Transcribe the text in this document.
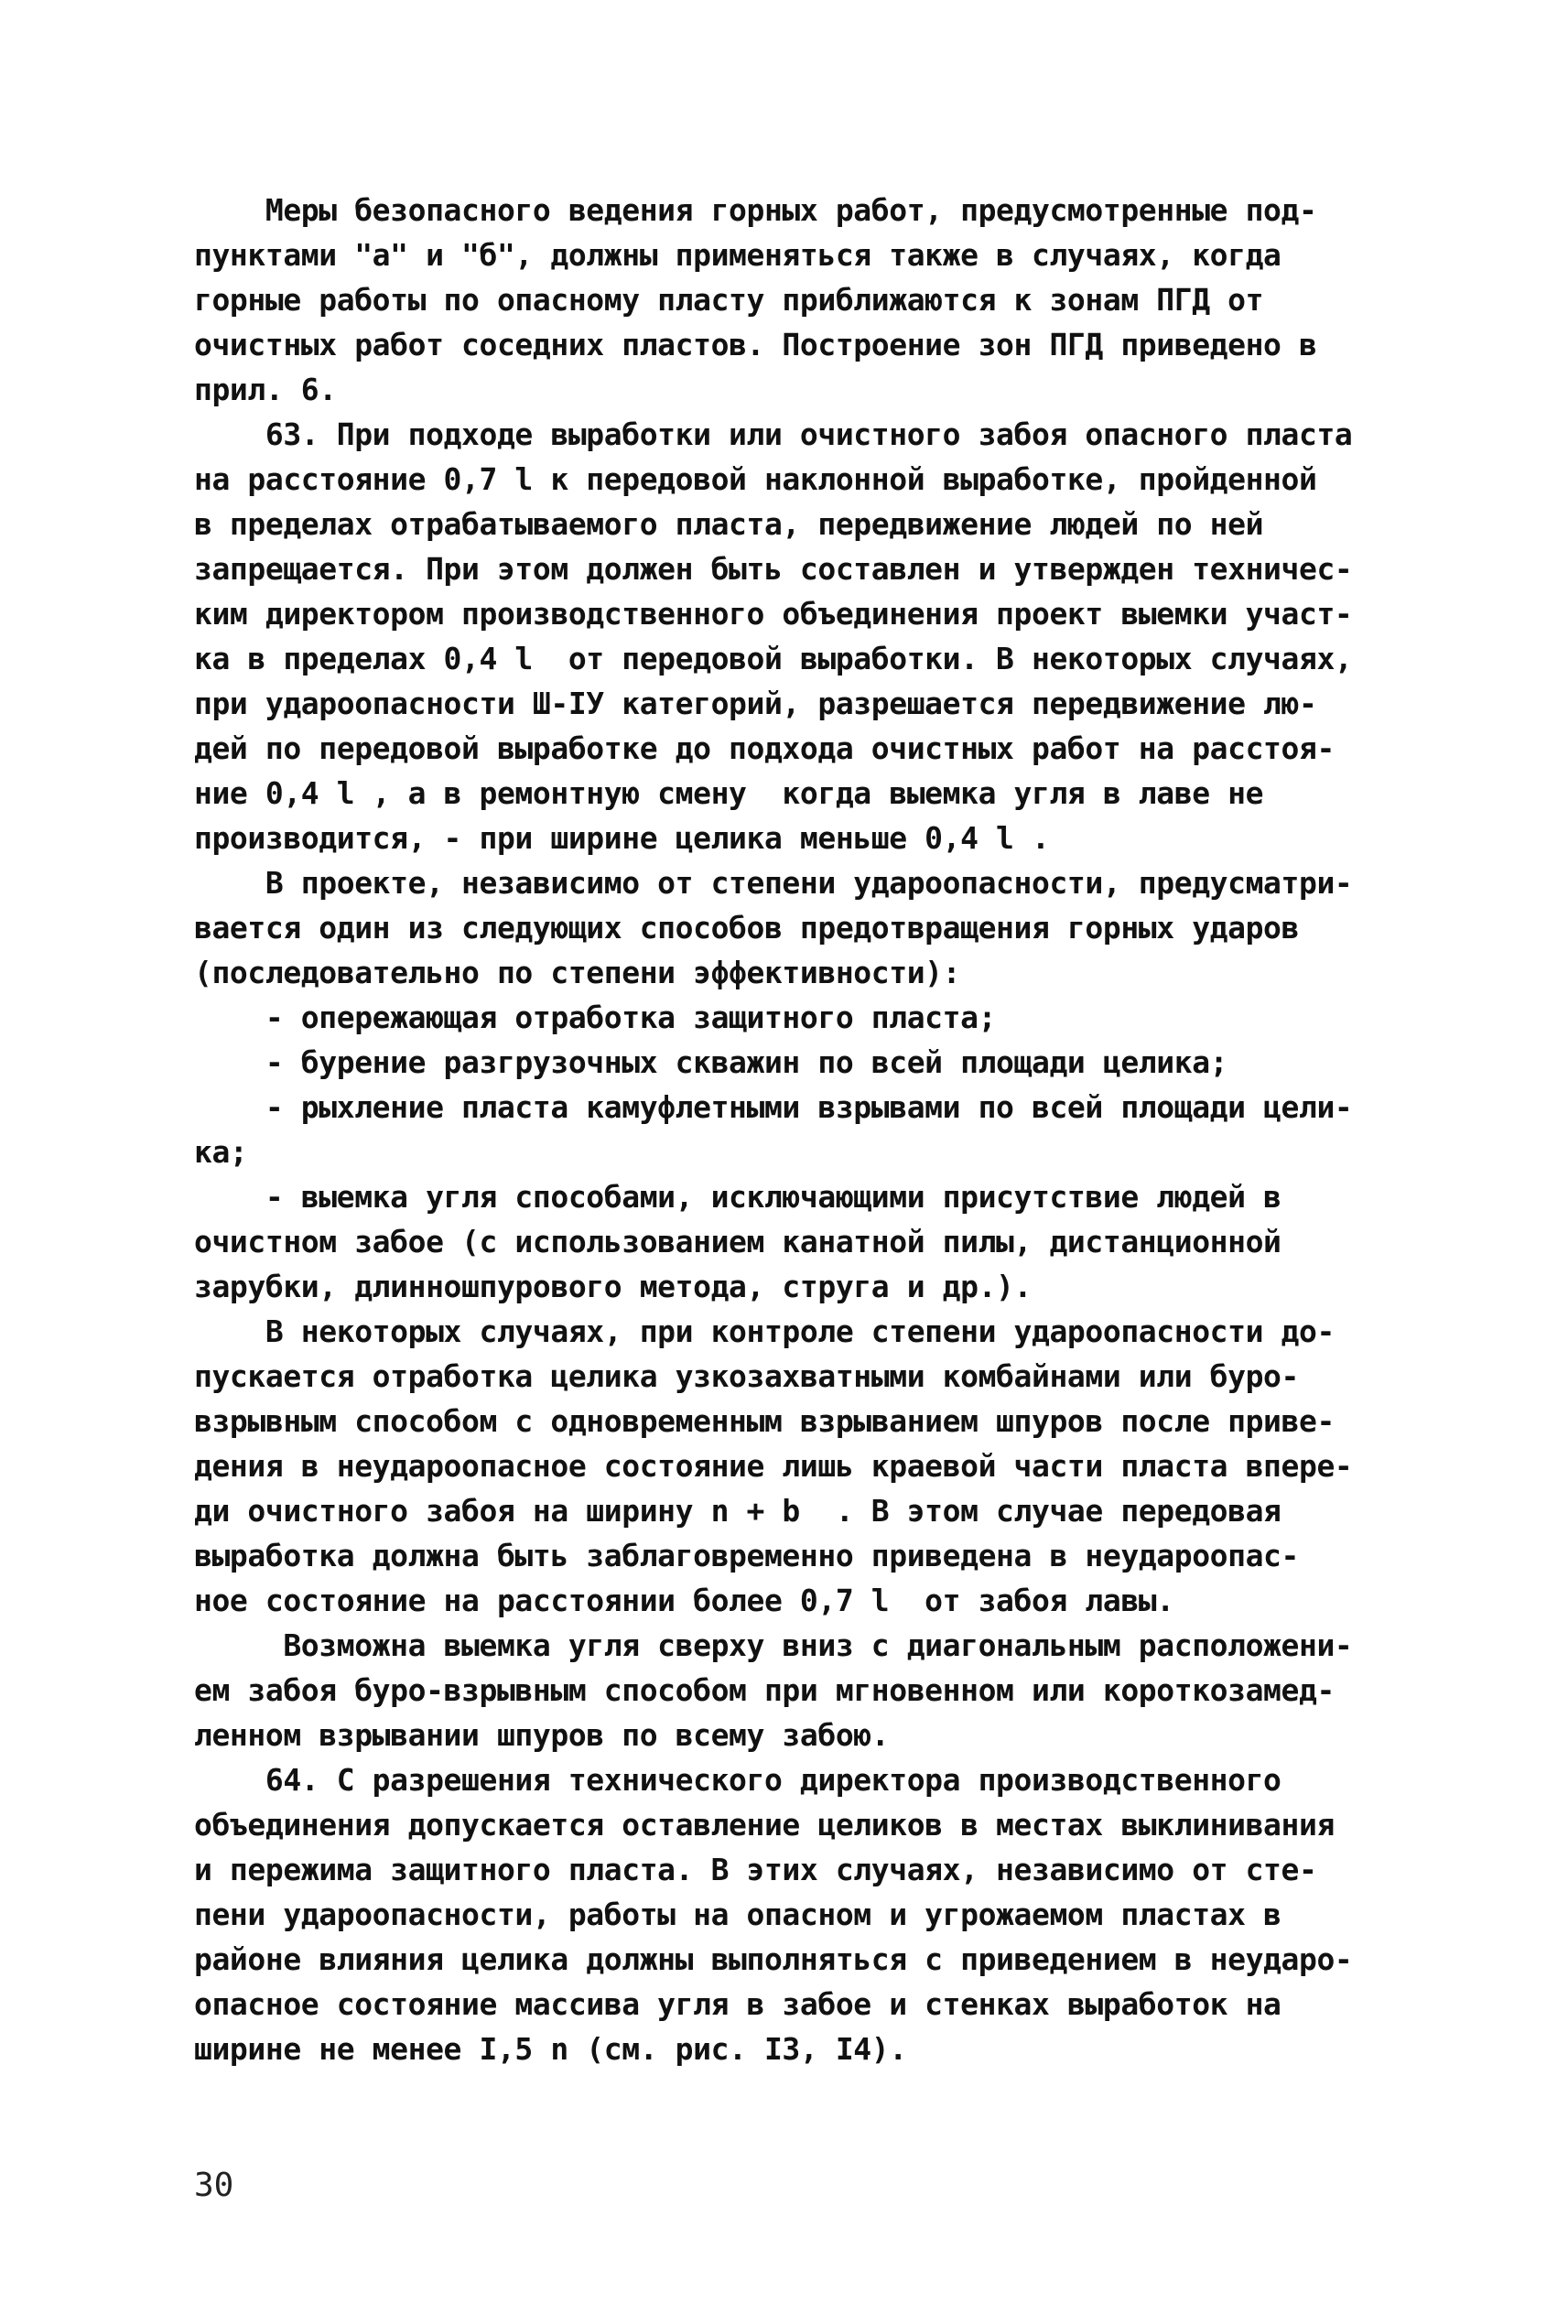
Меры безопасного ведения горных работ, предусмотренные под-
пунктами "а" и "б", должны применяться также в случаях, когда
горные работы по опасному пласту приближаются к зонам ПГД от
очистных работ соседних пластов. Построение зон ПГД приведено в
прил. 6.
63. При подходе выработки или очистного забоя опасного пласта
на расстояние 0,7 l к передовой наклонной выработке, пройденной
в пределах отрабатываемого пласта, передвижение людей по ней
запрещается. При этом должен быть составлен и утвержден техничес-
ким директором производственного объединения проект выемки участ-
ка в пределах 0,4 l  от передовой выработки. В некоторых случаях,
при удароопасности Ш-IУ категорий, разрешается передвижение лю-
дей по передовой выработке до подхода очистных работ на расстоя-
ние 0,4 l , а в ремонтную смену  когда выемка угля в лаве не
производится, - при ширине целика меньше 0,4 l .
В проекте, независимо от степени удароопасности, предусматри-
вается один из следующих способов предотвращения горных ударов
(последовательно по степени эффективности):
- опережающая отработка защитного пласта;
- бурение разгрузочных скважин по всей площади целика;
- рыхление пласта камуфлетными взрывами по всей площади цели-
ка;
- выемка угля способами, исключающими присутствие людей в
очистном забое (с использованием канатной пилы, дистанционной
зарубки, длинношпурового метода, струга и др.).
В некоторых случаях, при контроле степени удароопасности до-
пускается отработка целика узкозахватными комбайнами или буро-
взрывным способом с одновременным взрыванием шпуров после приве-
дения в неудароопасное состояние лишь краевой части пласта впере-
ди очистного забоя на ширину n + b  . В этом случае передовая
выработка должна быть заблаговременно приведена в неудароопас-
ное состояние на расстоянии более 0,7 l  от забоя лавы.
Возможна выемка угля сверху вниз с диагональным расположени-
ем забоя буро-взрывным способом при мгновенном или короткозамед-
ленном взрывании шпуров по всему забою.
64. С разрешения технического директора производственного
объединения допускается оставление целиков в местах выклинивания
и пережима защитного пласта. В этих случаях, независимо от сте-
пени удароопасности, работы на опасном и угрожаемом пластах в
районе влияния целика должны выполняться с приведением в неударо-
опасное состояние массива угля в забое и стенках выработок на
ширине не менее I,5 n (см. рис. I3, I4).
30
